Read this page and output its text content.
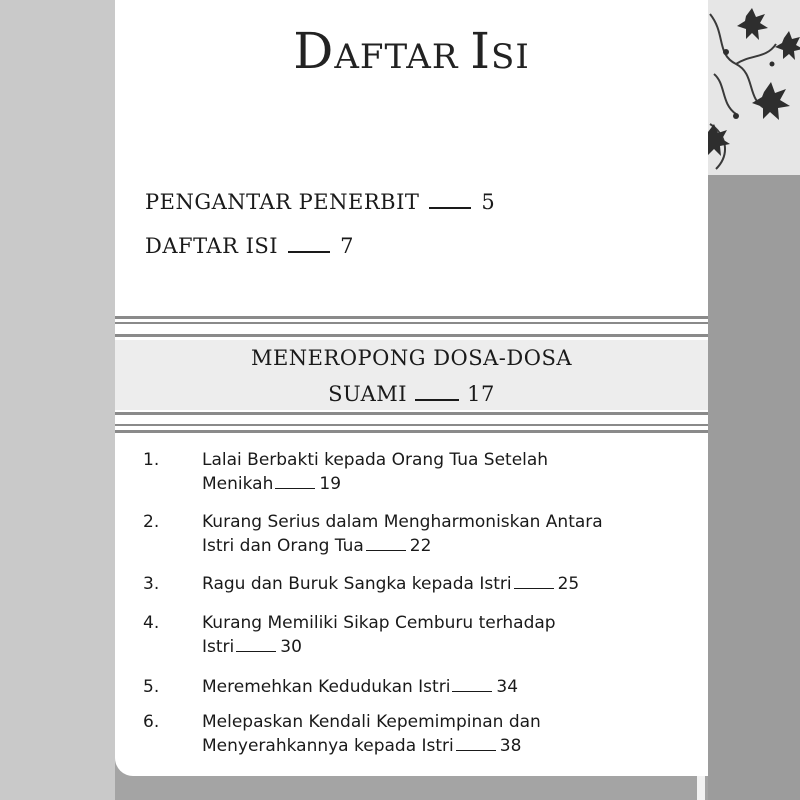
DAFTAR ISI
PENGANTAR PENERBIT	5
DAFTAR ISI	7
MENEROPONG DOSA-DOSA
SUAMI	17
1.	Lalai Berbakti kepada Orang Tua Setelah
Menikah	19
2.	Kurang Serius dalam Mengharmoniskan Antara
Istri dan Orang Tua	22
3.	Ragu dan Buruk Sangka kepada Istri	25
4.	Kurang Memiliki Sikap Cemburu terhadap
Istri	30
5.	Meremehkan Kedudukan Istri	34
6.	Melepaskan Kendali Kepemimpinan dan
Menyerahkannya kepada Istri	38
